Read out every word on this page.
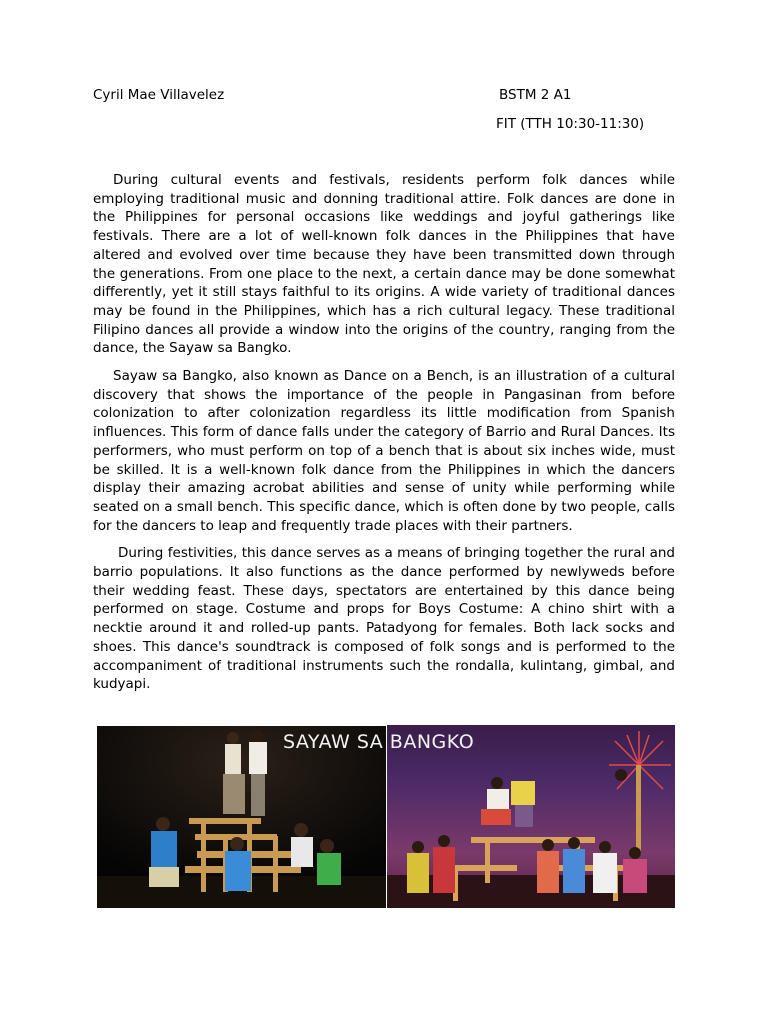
Cyril Mae Villavelez	BSTM 2 A1
FIT (TTH 10:30-11:30)

During cultural events and festivals, residents perform folk dances while employing traditional music and donning traditional attire. Folk dances are done in the Philippines for personal occasions like weddings and joyful gatherings like festivals. There are a lot of well-known folk dances in the Philippines that have altered and evolved over time because they have been transmitted down through the generations. From one place to the next, a certain dance may be done somewhat differently, yet it still stays faithful to its origins. A wide variety of traditional dances may be found in the Philippines, which has a rich cultural legacy. These traditional Filipino dances all provide a window into the origins of the country, ranging from the dance, the Sayaw sa Bangko.

Sayaw sa Bangko, also known as Dance on a Bench, is an illustration of a cultural discovery that shows the importance of the people in Pangasinan from before colonization to after colonization regardless its little modification from Spanish influences. This form of dance falls under the category of Barrio and Rural Dances. Its performers, who must perform on top of a bench that is about six inches wide, must be skilled. It is a well-known folk dance from the Philippines in which the dancers display their amazing acrobat abilities and sense of unity while performing while seated on a small bench. This specific dance, which is often done by two people, calls for the dancers to leap and frequently trade places with their partners.

During festivities, this dance serves as a means of bringing together the rural and barrio populations. It also functions as the dance performed by newlyweds before their wedding feast. These days, spectators are entertained by this dance being performed on stage. Costume and props for Boys Costume: A chino shirt with a necktie around it and rolled-up pants. Patadyong for females. Both lack socks and shoes. This dance's soundtrack is composed of folk songs and is performed to the accompaniment of traditional instruments such the rondalla, kulintang, gimbal, and kudyapi.

SAYAW SA BANGKO
